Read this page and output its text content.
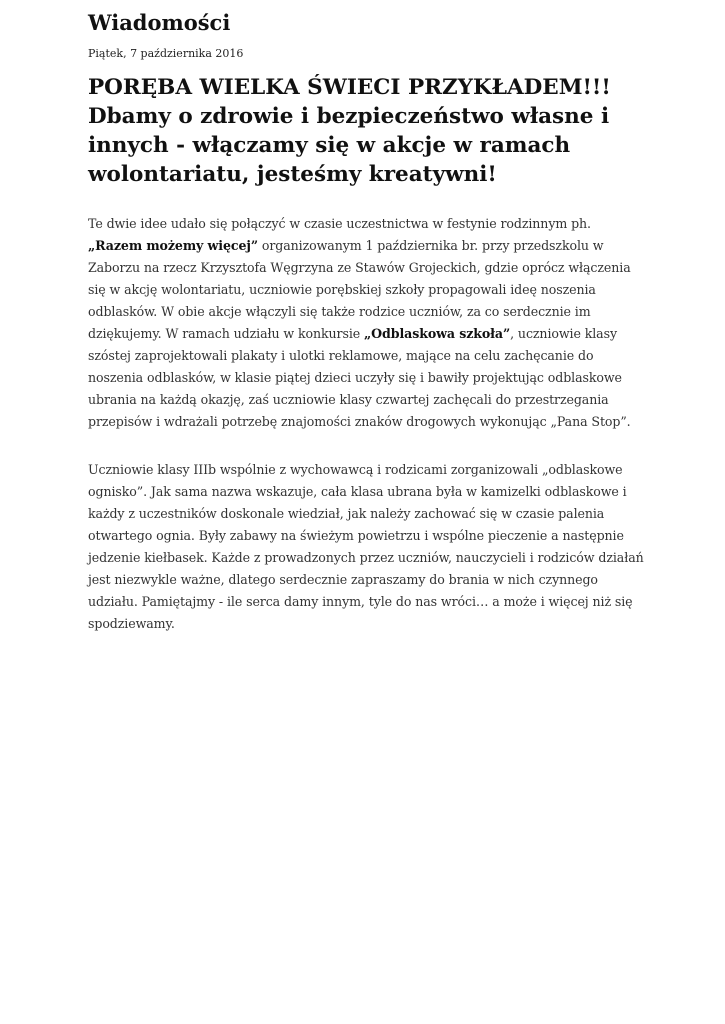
Wiadomości
Piątek, 7 października 2016
PORĘBA WIELKA ŚWIECI PRZYKŁADEM!!! Dbamy o zdrowie i bezpieczeństwo własne i innych - włączamy się w akcje w ramach wolontariatu, jesteśmy kreatywni!

Te dwie idee udało się połączyć w czasie uczestnictwa w festynie rodzinnym ph. „Razem możemy więcej” organizowanym 1 października br. przy przedszkolu w Zaborzu na rzecz Krzysztofa Węgrzyna ze Stawów Grojeckich, gdzie oprócz włączenia się w akcję wolontariatu, uczniowie porębskiej szkoły propagowali ideę noszenia odblasków. W obie akcje włączyli się także rodzice uczniów, za co serdecznie im dziękujemy. W ramach udziału w konkursie „Odblaskowa szkoła”, uczniowie klasy szóstej zaprojektowali plakaty i ulotki reklamowe, mające na celu zachęcanie do noszenia odblasków, w klasie piątej dzieci uczyły się i bawiły projektując odblaskowe ubrania na każdą okazję, zaś uczniowie klasy czwartej zachęcali do przestrzegania przepisów i wdrażali potrzebę znajomości znaków drogowych wykonując „Pana Stop”.

Uczniowie klasy IIIb wspólnie z wychowawcą i rodzicami zorganizowali „odblaskowe ognisko”. Jak sama nazwa wskazuje, cała klasa ubrana była w kamizelki odblaskowe i każdy z uczestników doskonale wiedział, jak należy zachować się w czasie palenia otwartego ognia. Były zabawy na świeżym powietrzu i wspólne pieczenie a następnie jedzenie kiełbasek. Każde z prowadzonych przez uczniów, nauczycieli i rodziców działań jest niezwykle ważne, dlatego serdecznie zapraszamy do brania w nich czynnego udziału. Pamiętajmy - ile serca damy innym, tyle do nas wróci… a może i więcej niż się spodziewamy.
